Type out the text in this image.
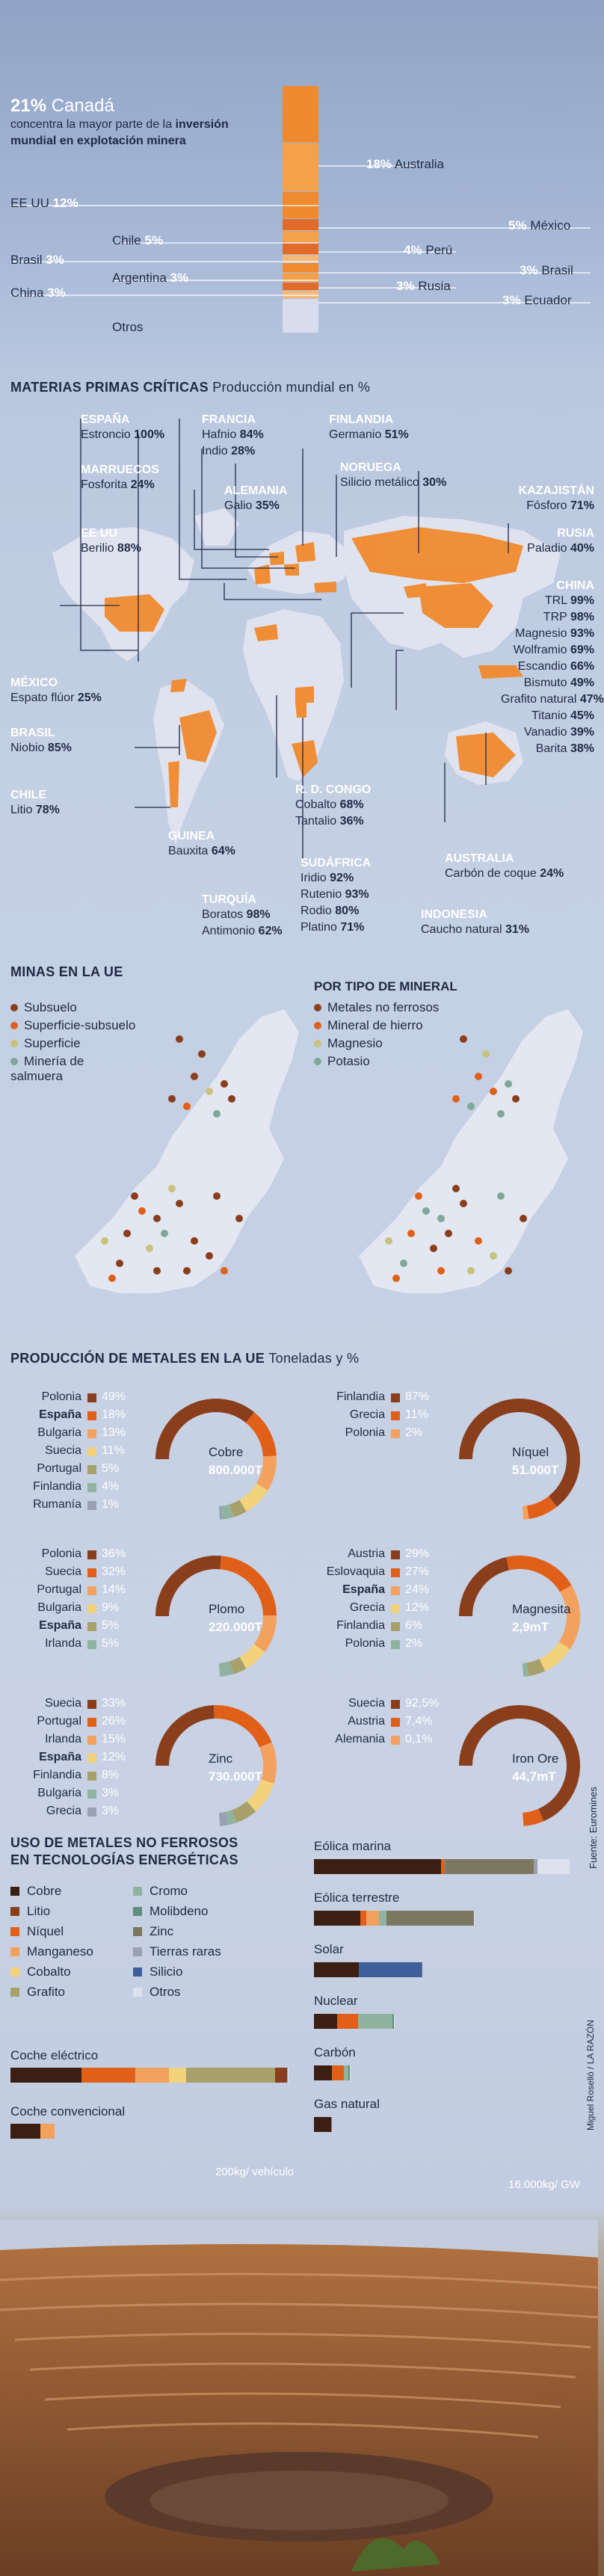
21% Canadá
concentra la mayor parte de la inversión
mundial en explotación minera
18% Australia
EE UU 12%
5% México
Chile 5%
4% Perú
Brasil 3%
3% Brasil
Argentina 3%
3% Rusia
China 3%
3% Ecuador
Otros
MATERIAS PRIMAS CRÍTICAS Producción mundial en %
ESPAÑA
Estroncio 100%
FRANCIA
Hafnio 84%
Indio 28%
FINLANDIA
Germanio 51%
MARRUECOS
Fosforita 24%
NORUEGA
Silicio metálico 30%
ALEMANIA
Galio 35%
KAZAJISTÁN
Fósforo 71%
EE UU
Berilio 88%
RUSIA
Paladio 40%
CHINA
TRL 99%
TRP 98%
Magnesio 93%
Wolframio 69%
Escandio 66%
Bismuto 49%
Grafito natural 47%
Titanio 45%
Vanadio 39%
Barita 38%
MÉXICO
Espato flúor 25%
BRASIL
Niobio 85%
CHILE
Litio 78%
GUINEA
Bauxita 64%
R. D. CONGO
Cobalto 68%
Tantalio 36%
TURQUÍA
Boratos 98%
Antimonio 62%
SUDÁFRICA
Iridio 92%
Rutenio 93%
Rodio 80%
Platino 71%
AUSTRALIA
Carbón de coque 24%
INDONESIA
Caucho natural 31%
MINAS EN LA UE
Subsuelo
Superficie-subsuelo
Superficie
Minería de salmuera
POR TIPO DE MINERAL
Metales no ferrosos
Mineral de hierro
Magnesio
Potasio
PRODUCCIÓN DE METALES EN LA UE Toneladas y %
Polonia 49%
España 18%
Bulgaria 13%
Suecia 11%
Portugal 5%
Finlandia 4%
Rumanía 1%
Cobre
800.000T
Finlandia 87%
Grecia 11%
Polonia 2%
Níquel
51.000T
Polonia 36%
Suecia 32%
Portugal 14%
Bulgaria 9%
España 5%
Irlanda 5%
Plomo
220.000T
Austria 29%
Eslovaquia 27%
España 24%
Grecia 12%
Finlandia 6%
Polonia 2%
Magnesita
2,9mT
Suecia 33%
Portugal 26%
Irlanda 15%
España 12%
Finlandia 8%
Bulgaria 3%
Grecia 3%
Zinc
730.000T
Suecia 92,5%
Austria 7,4%
Alemania 0,1%
Iron Ore
44,7mT
Fuente: Euromines
USO DE METALES NO FERROSOS
EN TECNOLOGÍAS ENERGÉTICAS
Cobre	Cromo
Litio	Molibdeno
Níquel	Zinc
Manganeso	Tierras raras
Cobalto	Silicio
Grafito	Otros
Coche eléctrico
Coche convencional
Eólica marina
Eólica terrestre
Solar
Nuclear
Carbón
Gas natural
200kg/ vehículo
16.000kg/ GW
Miguel Roselló / LA RAZÓN
